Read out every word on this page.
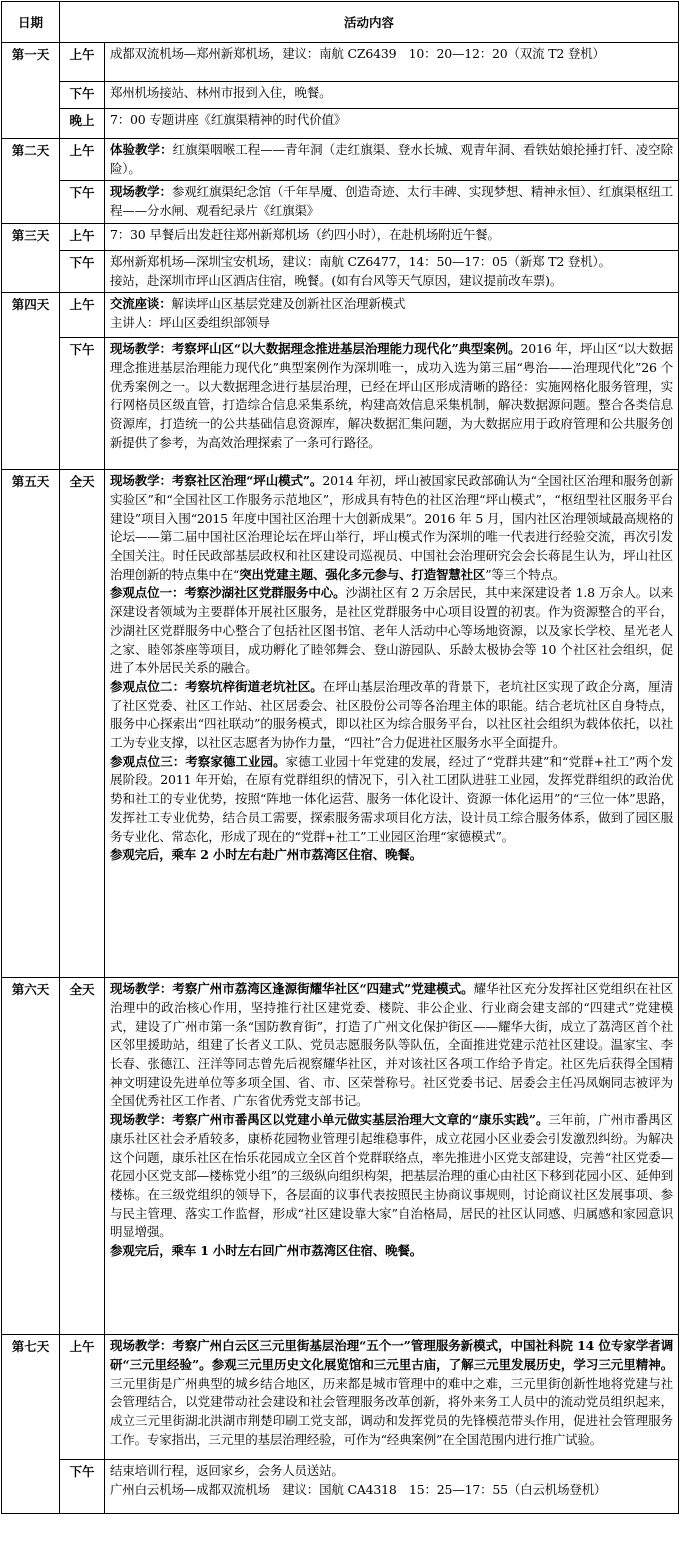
日期	活动内容	
第一天	上午	成都双流机场—郑州新郑机场，建议：南航 CZ6439　10：20—12：20（双流 T2 登机）

	下午	郑州机场接站、林州市报到入住，晚餐。

	晚上	7：00 专题讲座《红旗渠精神的时代价值》

第二天	上午	体验教学：红旗渠咽喉工程——青年洞（走红旗渠、登水长城、观青年洞、看铁姑娘抡捶打钎、凌空除险）。

	下午	现场教学：参观红旗渠纪念馆（千年旱魇、创造奇迹、太行丰碑、实现梦想、精神永恒）、红旗渠枢纽工程——分水闸、观看纪录片《红旗渠》

第三天	上午	7：30 早餐后出发赶往郑州新郑机场（约四小时），在赴机场附近午餐。

	下午	郑州新郑机场—深圳宝安机场，建议：南航 CZ6477，14：50—17：05（新郑 T2 登机）。

接站，赴深圳市坪山区酒店住宿，晚餐。(如有台风等天气原因，建议提前改车票)。

第四天	上午	交流座谈：解读坪山区基层党建及创新社区治理新模式

主讲人：坪山区委组织部领导

	下午	现场教学：考察坪山区“以大数据理念推进基层治理能力现代化”典型案例。2016 年，坪山区“以大数据理念推进基层治理能力现代化”典型案例作为深圳唯一，成功入选为第三届“粤治——治理现代化”26 个优秀案例之一。以大数据理念进行基层治理，已经在坪山区形成清晰的路径：实施网格化服务管理，实行网格员区级直管，打造综合信息采集系统，构建高效信息采集机制，解决数据源问题。整合各类信息资源库，打造统一的公共基础信息资源库，解决数据汇集问题，为大数据应用于政府管理和公共服务创新提供了参考，为高效治理探索了一条可行路径。

第五天	全天	现场教学：考察社区治理“坪山模式”。2014 年初，坪山被国家民政部确认为“全国社区治理和服务创新实验区”和“全国社区工作服务示范地区”，形成具有特色的社区治理“坪山模式”，“枢纽型社区服务平台建设”项目入围“2015 年度中国社区治理十大创新成果”。2016 年 5 月，国内社区治理领域最高规格的论坛——第二届中国社区治理论坛在坪山举行，坪山模式作为深圳的唯一代表进行经验交流，再次引发全国关注。时任民政部基层政权和社区建设司巡视员、中国社会治理研究会会长蒋昆生认为，坪山社区治理创新的特点集中在“突出党建主题、强化多元参与、打造智慧社区”等三个特点。

参观点位一：考察沙湖社区党群服务中心。沙湖社区有 2 万余居民，其中来深建设者 1.8 万余人。以来深建设者领域为主要群体开展社区服务，是社区党群服务中心项目设置的初衷。作为资源整合的平台，沙湖社区党群服务中心整合了包括社区图书馆、老年人活动中心等场地资源，以及家长学校、星光老人之家、睦邻茶座等项目，成功孵化了睦邻舞会、登山游园队、乐龄太极协会等 10 个社区社会组织，促进了本外居民关系的融合。

参观点位二：考察坑梓街道老坑社区。在坪山基层治理改革的背景下，老坑社区实现了政企分离，厘清了社区党委、社区工作站、社区居委会、社区股份公司等各治理主体的职能。结合老坑社区自身特点，服务中心探索出“四社联动”的服务模式，即以社区为综合服务平台，以社区社会组织为载体依托，以社工为专业支撑，以社区志愿者为协作力量，“四社”合力促进社区服务水平全面提升。

参观点位三：考察家德工业园。家德工业园十年党建的发展，经过了“党群共建”和“党群+社工”两个发展阶段。2011 年开始，在原有党群组织的情况下，引入社工团队进驻工业园，发挥党群组织的政治优势和社工的专业优势，按照“阵地一体化运营、服务一体化设计、资源一体化运用”的“三位一体”思路，发挥社工专业优势，结合员工需要，探索服务需求项目化方法，设计员工综合服务体系，做到了园区服务专业化、常态化，形成了现在的“党群+社工”工业园区治理“家德模式”。

参观完后，乘车 2 小时左右赴广州市荔湾区住宿、晚餐。

第六天	全天	现场教学：考察广州市荔湾区逢源街耀华社区“四建式”党建模式。耀华社区充分发挥社区党组织在社区治理中的政治核心作用，坚持推行社区建党委、楼院、非公企业、行业商会建支部的“四建式”党建模式，建设了广州市第一条“国防教育街”，打造了广州文化保护街区——耀华大街，成立了荔湾区首个社区邻里援助站，组建了长者义工队、党员志愿服务队等队伍，全面推进党建示范社区建设。温家宝、李长春、张德江、汪洋等同志曾先后视察耀华社区，并对该社区各项工作给予肯定。社区先后获得全国精神文明建设先进单位等多项全国、省、市、区荣誉称号。社区党委书记、居委会主任冯凤娴同志被评为全国优秀社区工作者、广东省优秀党支部书记。

现场教学：考察广州市番禺区以党建小单元做实基层治理大文章的“康乐实践”。三年前，广州市番禺区康乐社区社会矛盾较多，康桥花园物业管理引起维稳事件，成立花园小区业委会引发激烈纠纷。为解决这个问题，康乐社区在怡乐花园成立全区首个党群联络点，率先推进小区党支部建设，完善“社区党委—花园小区党支部—楼栋党小组”的三级纵向组织构架，把基层治理的重心由社区下移到花园小区、延伸到楼栋。在三级党组织的领导下，各层面的议事代表按照民主协商议事规则，讨论商议社区发展事项、参与民主管理、落实工作监督，形成“社区建设靠大家”自治格局，居民的社区认同感、归属感和家园意识明显增强。

参观完后，乘车 1 小时左右回广州市荔湾区住宿、晚餐。

第七天	上午	现场教学：考察广州白云区三元里街基层治理“五个一”管理服务新模式，中国社科院 14 位专家学者调研“三元里经验”。参观三元里历史文化展览馆和三元里古庙，了解三元里发展历史，学习三元里精神。三元里街是广州典型的城乡结合地区，历来都是城市管理中的难中之难，三元里街创新性地将党建与社会管理结合，以党建带动社会建设和社会管理服务改革创新，将外来务工人员中的流动党员组织起来，成立三元里街湖北洪湖市荆楚印刷工党支部，调动和发挥党员的先锋模范带头作用，促进社会管理服务工作。专家指出，三元里的基层治理经验，可作为“经典案例”在全国范围内进行推广试验。

	下午	结束培训行程，返回家乡，会务人员送站。

广州白云机场—成都双流机场　建议：国航 CA4318　15：25—17：55（白云机场登机）
